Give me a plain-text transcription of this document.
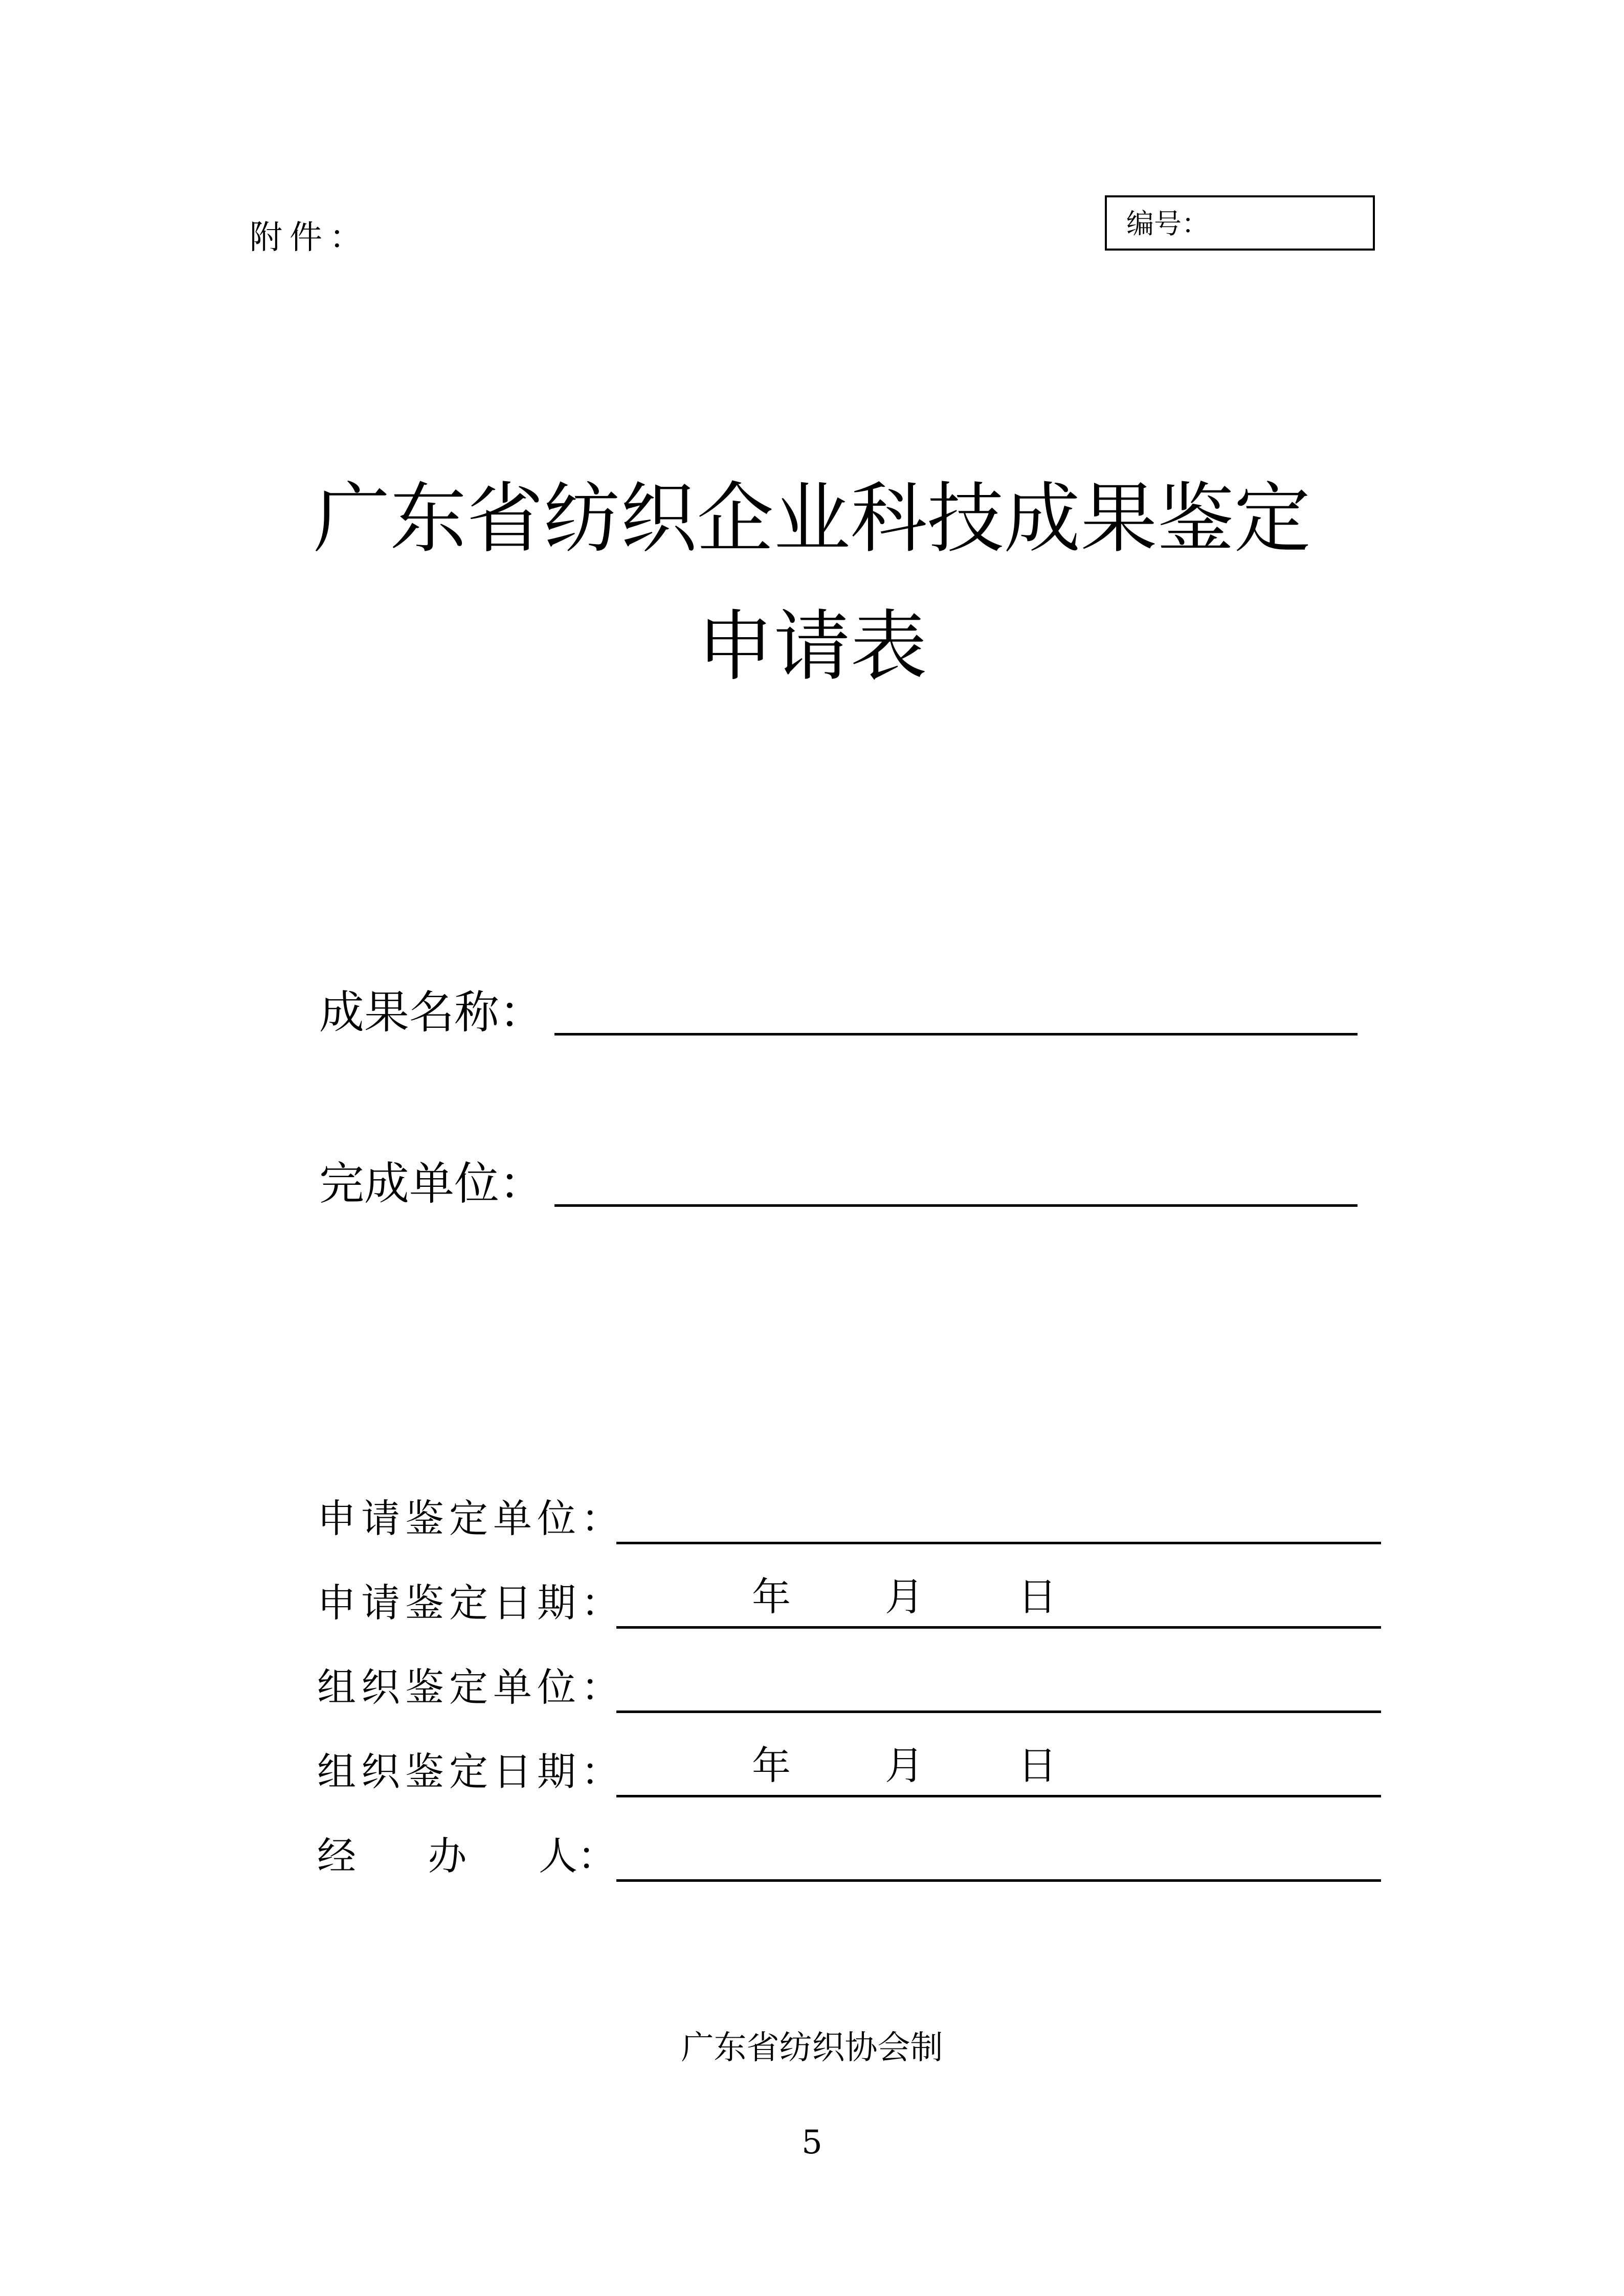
附件：	编号：
广东省纺织企业科技成果鉴定
申请表
成果名称：
完成单位：
申请鉴定单位：
申请鉴定日期：	年 月 日
组织鉴定单位：
组织鉴定日期：	年 月 日
经 办 人：
广东省纺织协会制
5
